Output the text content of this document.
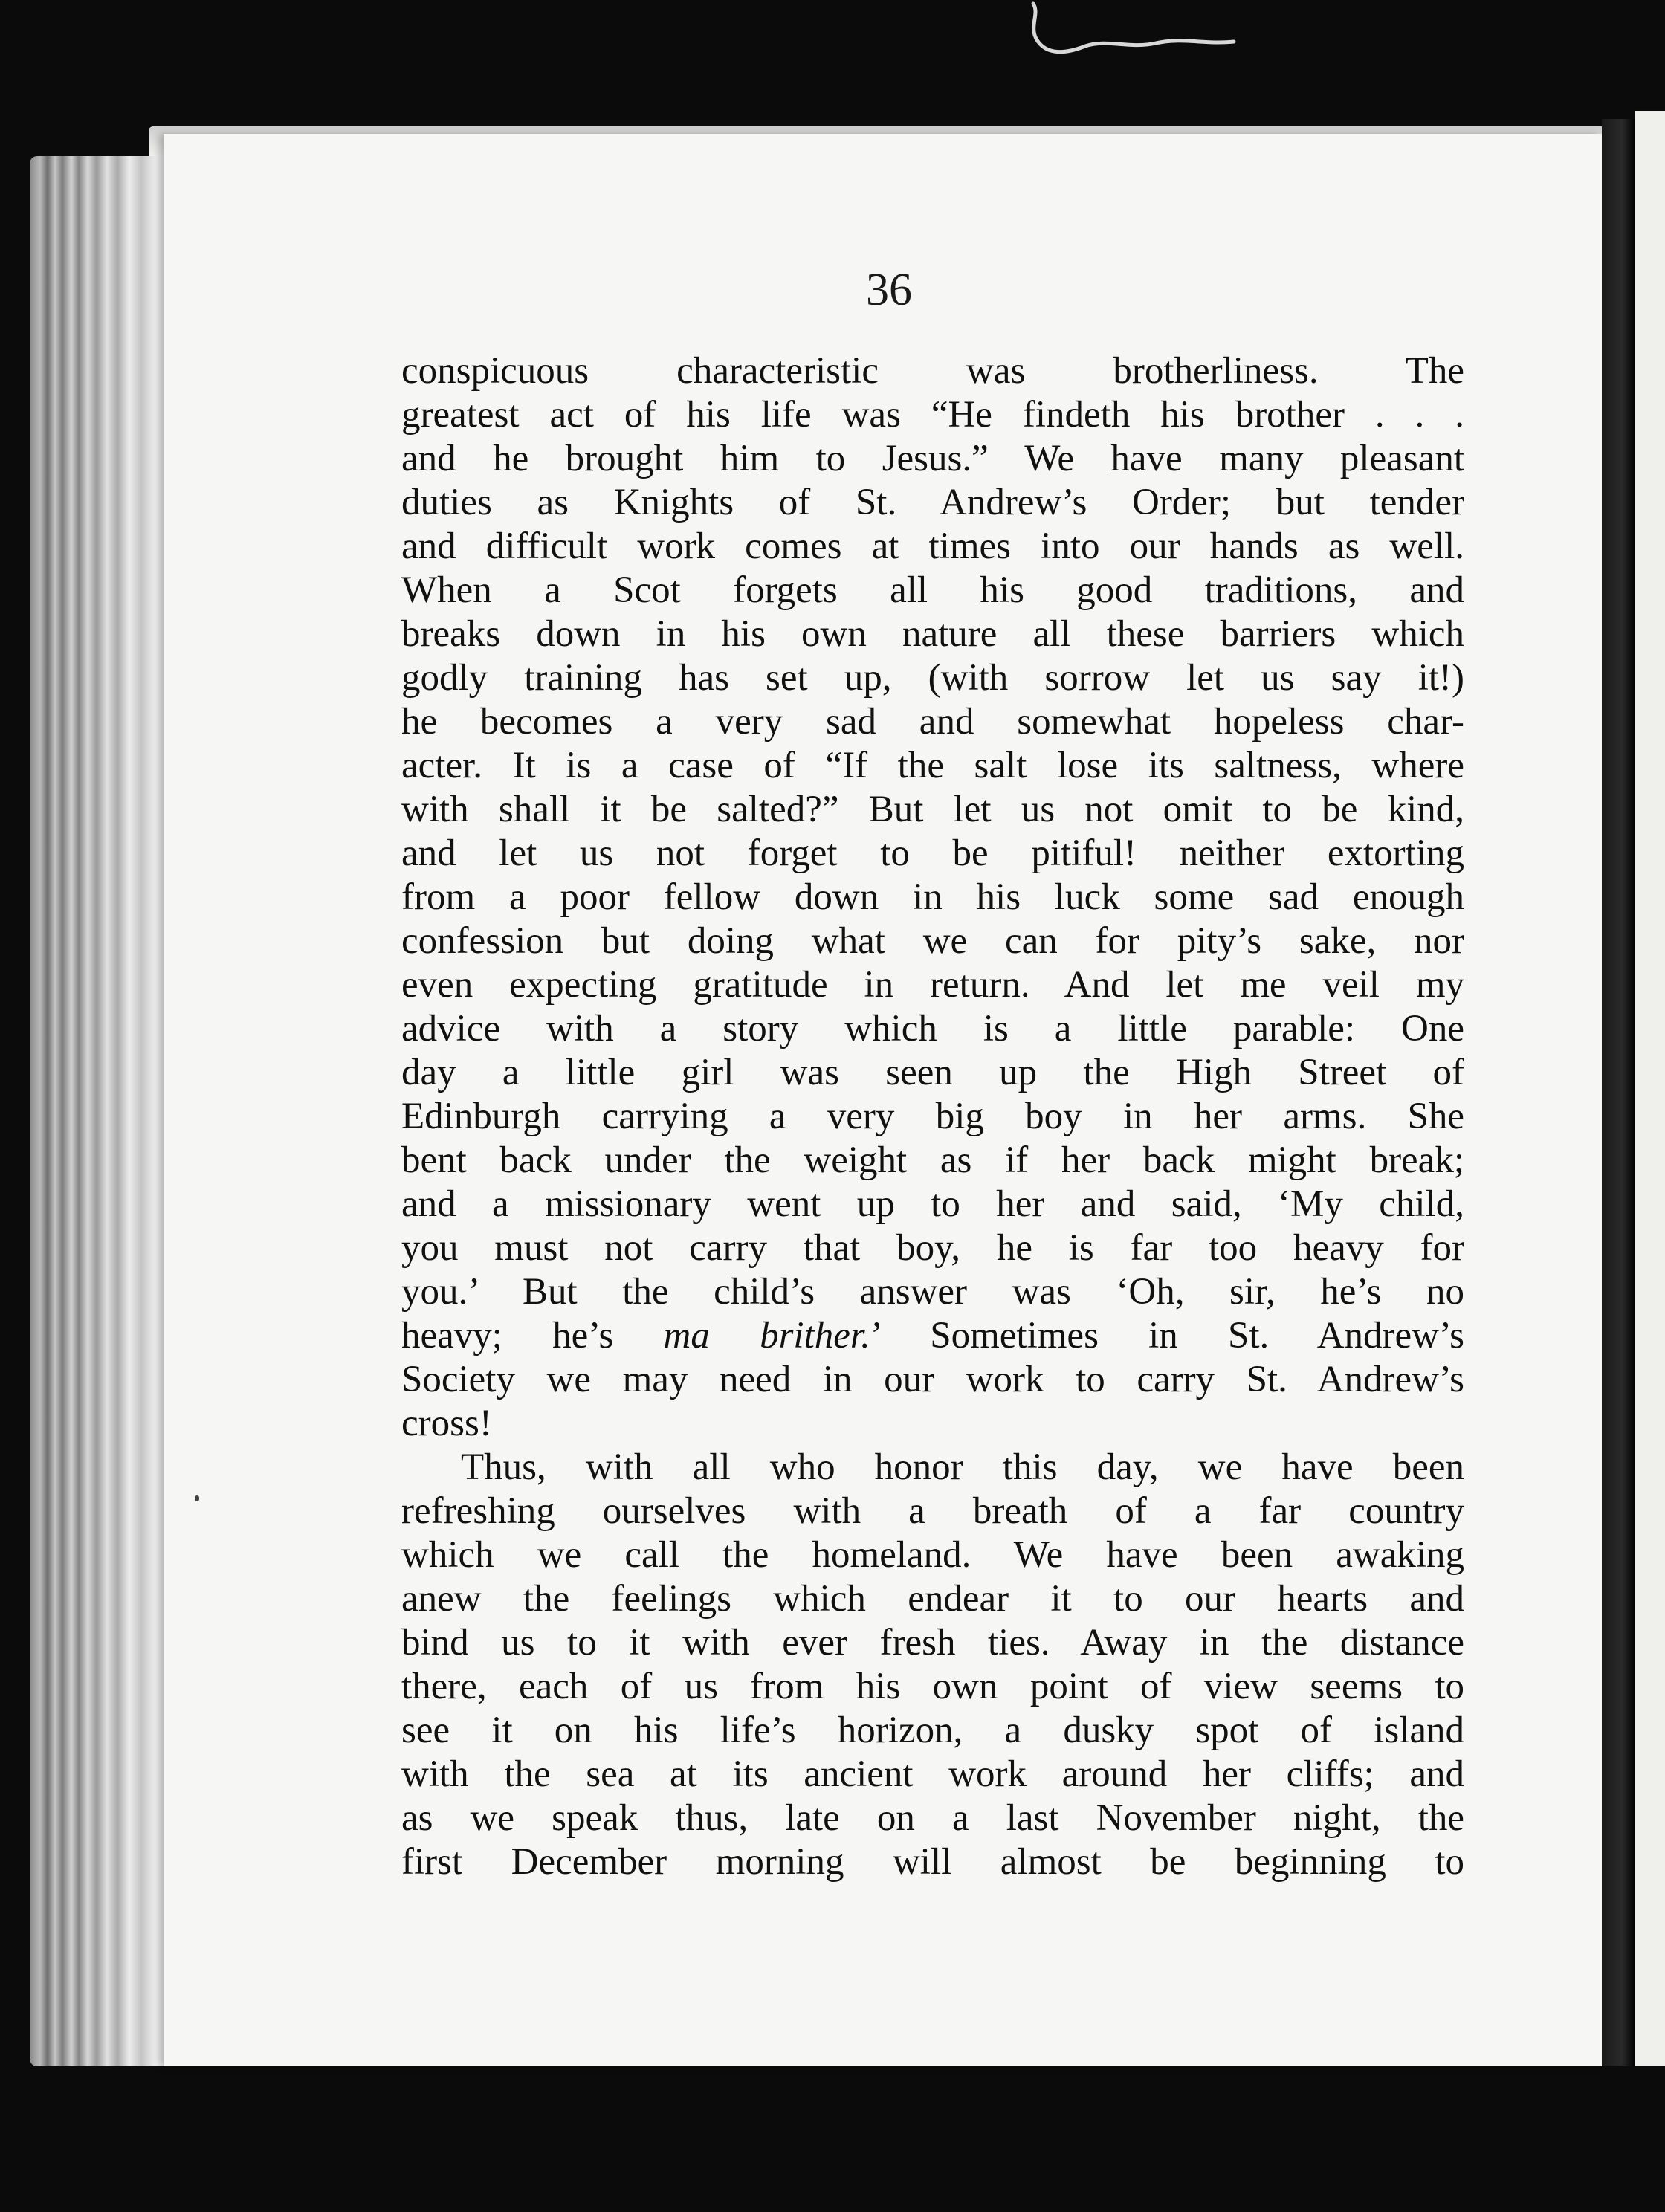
36
conspicuous characteristic was brotherliness. The
greatest act of his life was “He findeth his brother . . .
and he brought him to Jesus.” We have many pleasant
duties as Knights of St. Andrew’s Order; but tender
and difficult work comes at times into our hands as well.
When a Scot forgets all his good traditions, and
breaks down in his own nature all these barriers which
godly training has set up, (with sorrow let us say it!)
he becomes a very sad and somewhat hopeless char-
acter. It is a case of “If the salt lose its saltness, where
with shall it be salted?” But let us not omit to be kind,
and let us not forget to be pitiful! neither extorting
from a poor fellow down in his luck some sad enough
confession but doing what we can for pity’s sake, nor
even expecting gratitude in return. And let me veil my
advice with a story which is a little parable: One
day a little girl was seen up the High Street of
Edinburgh carrying a very big boy in her arms. She
bent back under the weight as if her back might break;
and a missionary went up to her and said, ‘My child,
you must not carry that boy, he is far too heavy for
you.’ But the child’s answer was ‘Oh, sir, he’s no
heavy; he’s ma brither.’ Sometimes in St. Andrew’s
Society we may need in our work to carry St. Andrew’s
cross!
Thus, with all who honor this day, we have been
refreshing ourselves with a breath of a far country
which we call the homeland. We have been awaking
anew the feelings which endear it to our hearts and
bind us to it with ever fresh ties. Away in the distance
there, each of us from his own point of view seems to
see it on his life’s horizon, a dusky spot of island
with the sea at its ancient work around her cliffs; and
as we speak thus, late on a last November night, the
first December morning will almost be beginning to
